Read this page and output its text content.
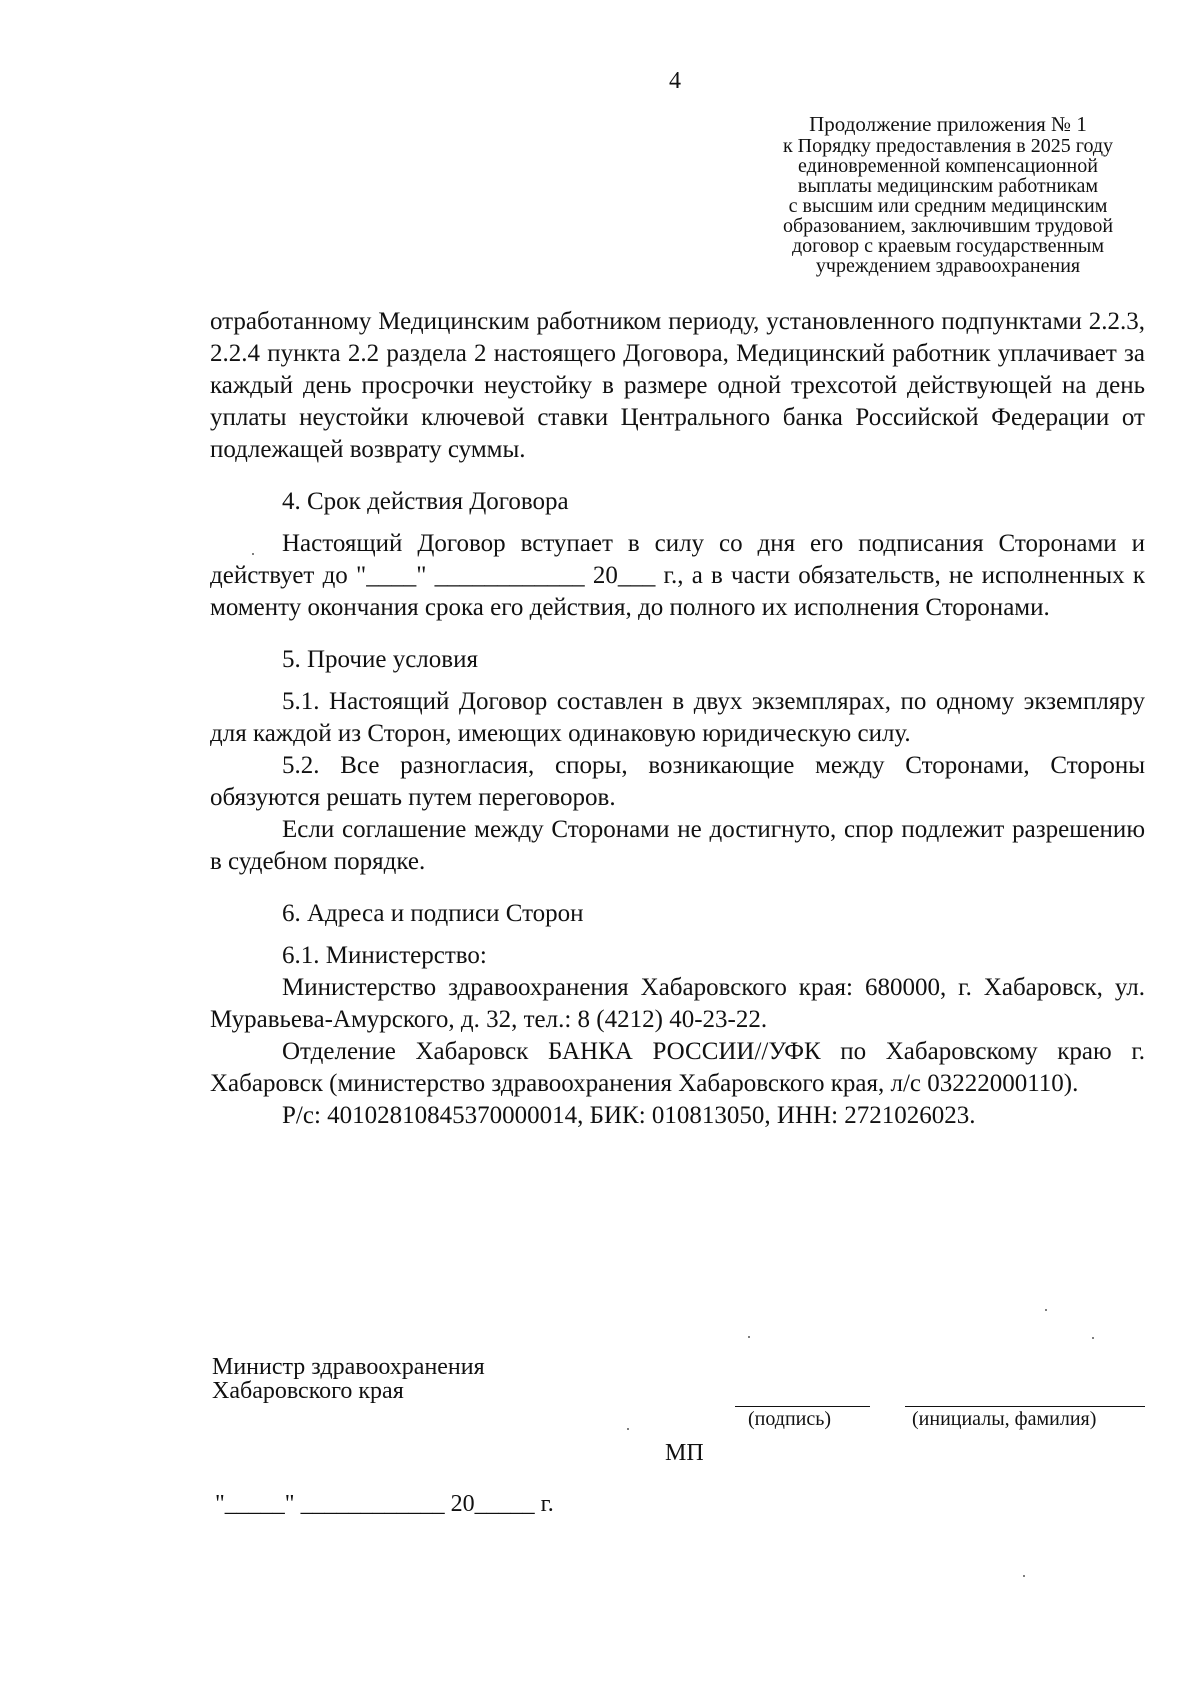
4
Продолжение приложения № 1
к Порядку предоставления в 2025 году
единовременной компенсационной
выплаты медицинским работникам
с высшим или средним медицинским
образованием, заключившим трудовой
договор с краевым государственным
учреждением здравоохранения

отработанному Медицинским работником периоду, установленного подпунктами 2.2.3, 2.2.4 пункта 2.2 раздела 2 настоящего Договора, Медицинский работник уплачивает за каждый день просрочки неустойку в размере одной трехсотой действующей на день уплаты неустойки ключевой ставки Центрального банка Российской Федерации от подлежащей возврату суммы.

4. Срок действия Договора

Настоящий Договор вступает в силу со дня его подписания Сторонами и действует до "____" ____________ 20___ г., а в части обязательств, не исполненных к моменту окончания срока его действия, до полного их исполнения Сторонами.

5. Прочие условия

5.1. Настоящий Договор составлен в двух экземплярах, по одному экземпляру для каждой из Сторон, имеющих одинаковую юридическую силу.

5.2. Все разногласия, споры, возникающие между Сторонами, Стороны обязуются решать путем переговоров.

Если соглашение между Сторонами не достигнуто, спор подлежит разрешению в судебном порядке.

6. Адреса и подписи Сторон

6.1. Министерство:

Министерство здравоохранения Хабаровского края: 680000, г. Хабаровск, ул. Муравьева-Амурского, д. 32, тел.: 8 (4212) 40-23-22.

Отделение Хабаровск БАНКА РОССИИ//УФК по Хабаровскому краю г. Хабаровск (министерство здравоохранения Хабаровского края, л/с 03222000110).

Р/с: 40102810845370000014, БИК: 010813050, ИНН: 2721026023.

Министр здравоохранения
Хабаровского края
(подпись)	(инициалы, фамилия)
МП
"_____" ____________ 20_____ г.
